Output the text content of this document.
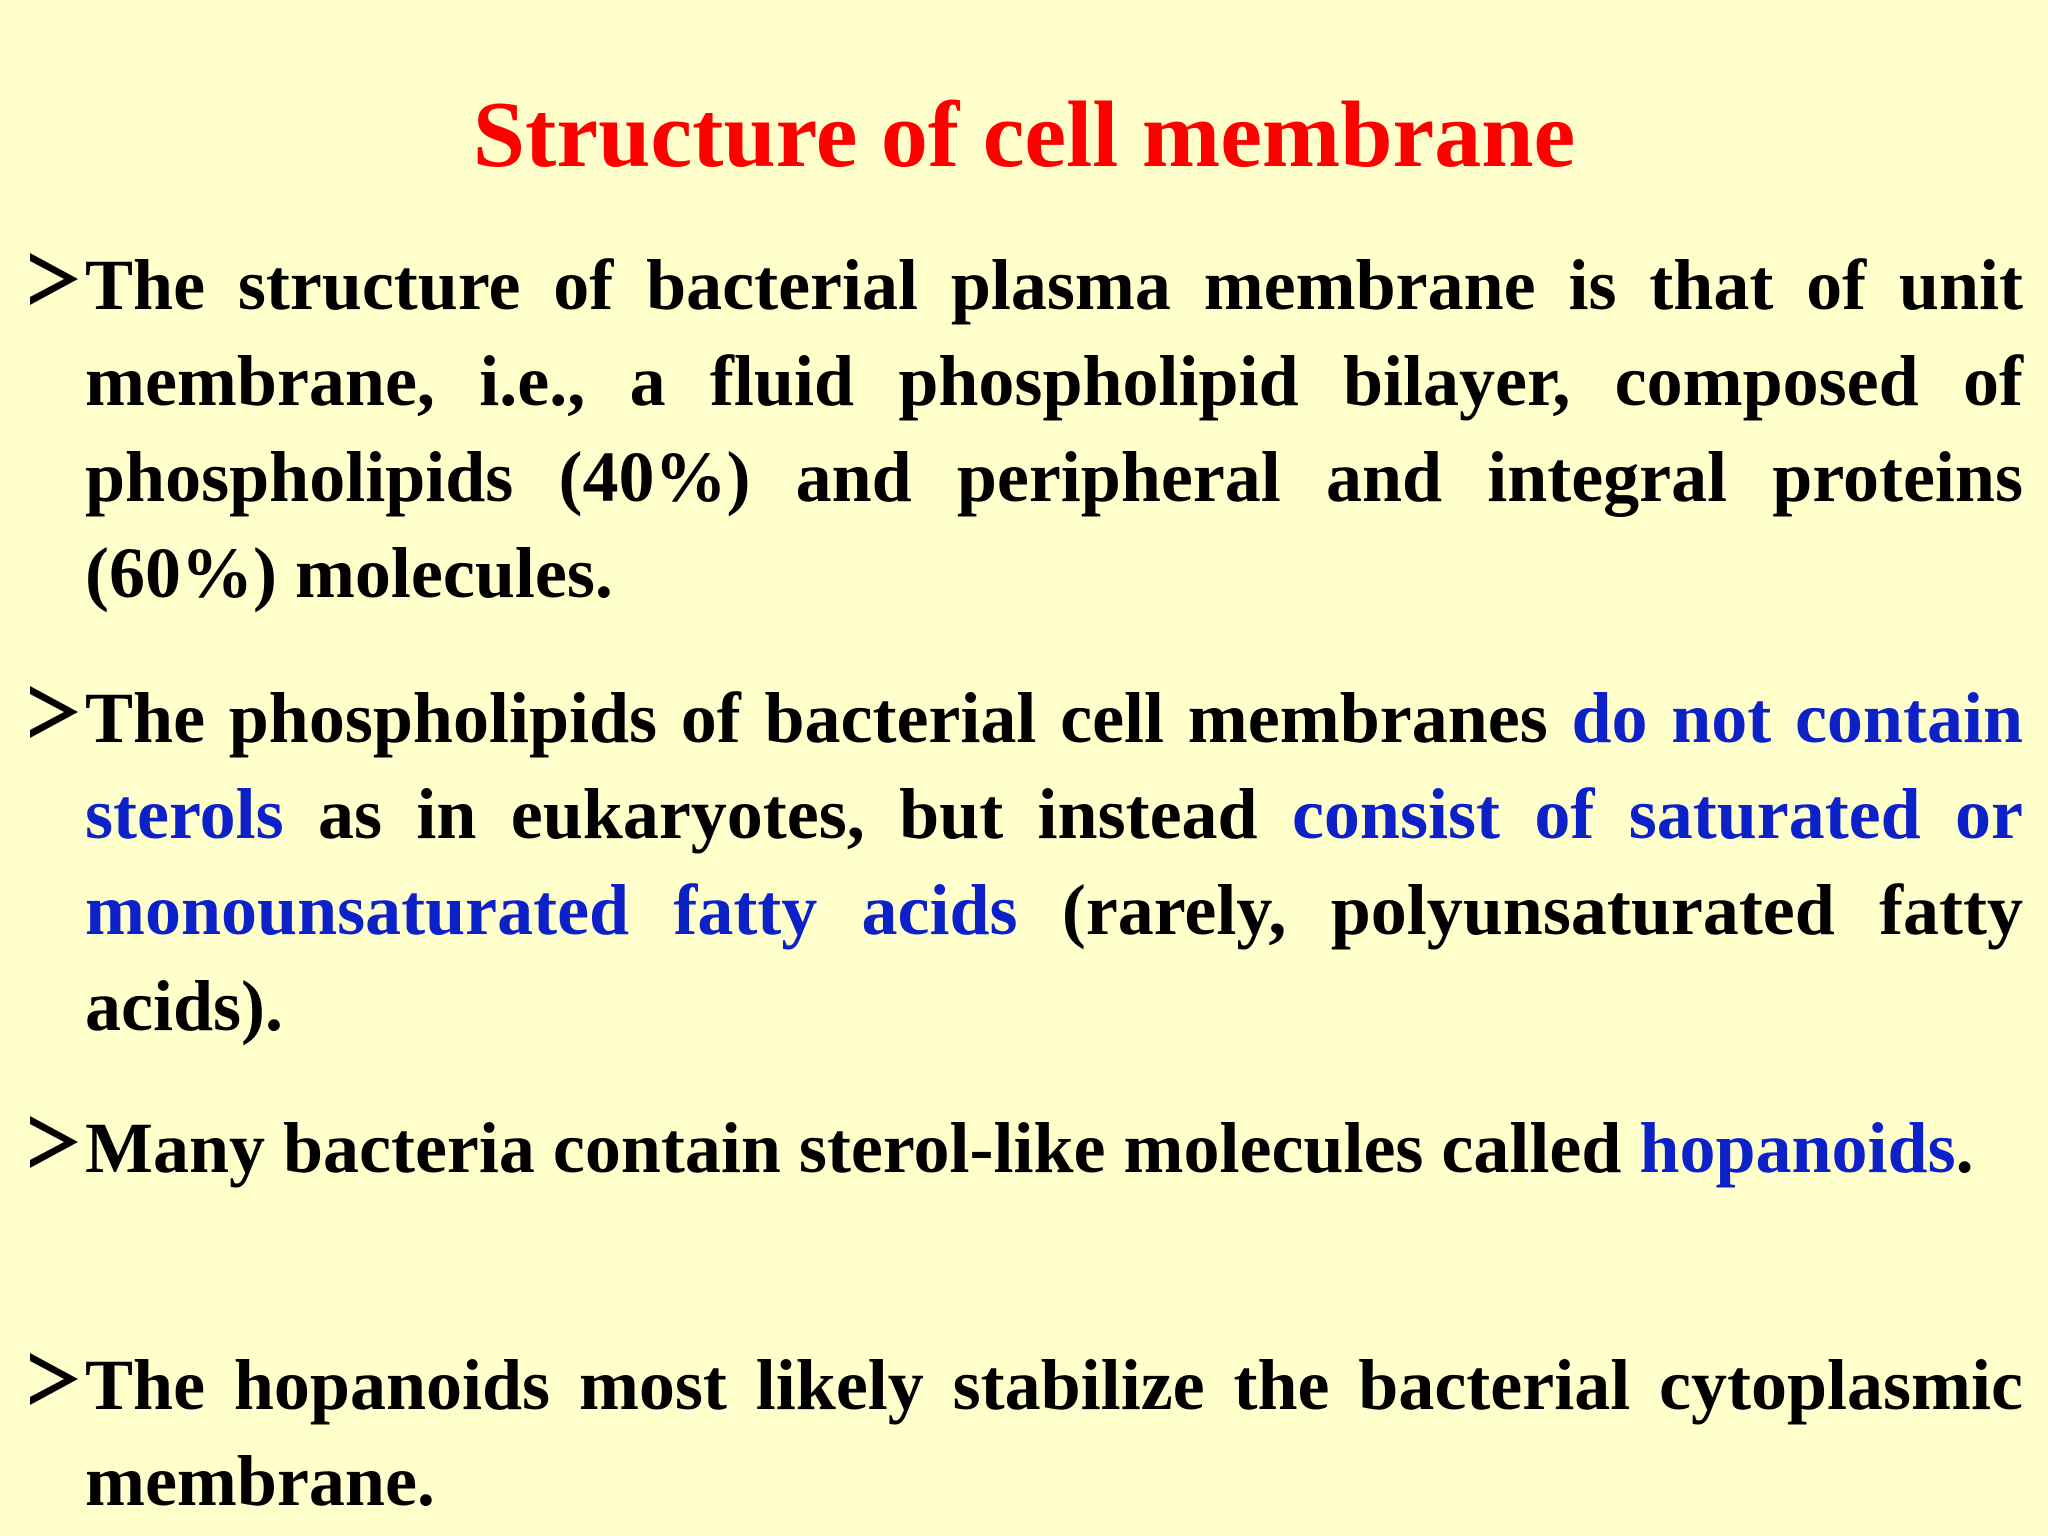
Structure of cell membrane
The structure of bacterial plasma membrane is that of unit membrane, i.e., a fluid phospholipid bilayer, composed of phospholipids (40%) and peripheral and integral proteins (60%) molecules.
The phospholipids of bacterial cell membranes do not contain sterols as in eukaryotes, but instead consist of saturated or monounsaturated fatty acids (rarely, polyunsaturated fatty acids).
Many bacteria contain sterol-like molecules called hopanoids.
The hopanoids most likely stabilize the bacterial cytoplasmic membrane.
